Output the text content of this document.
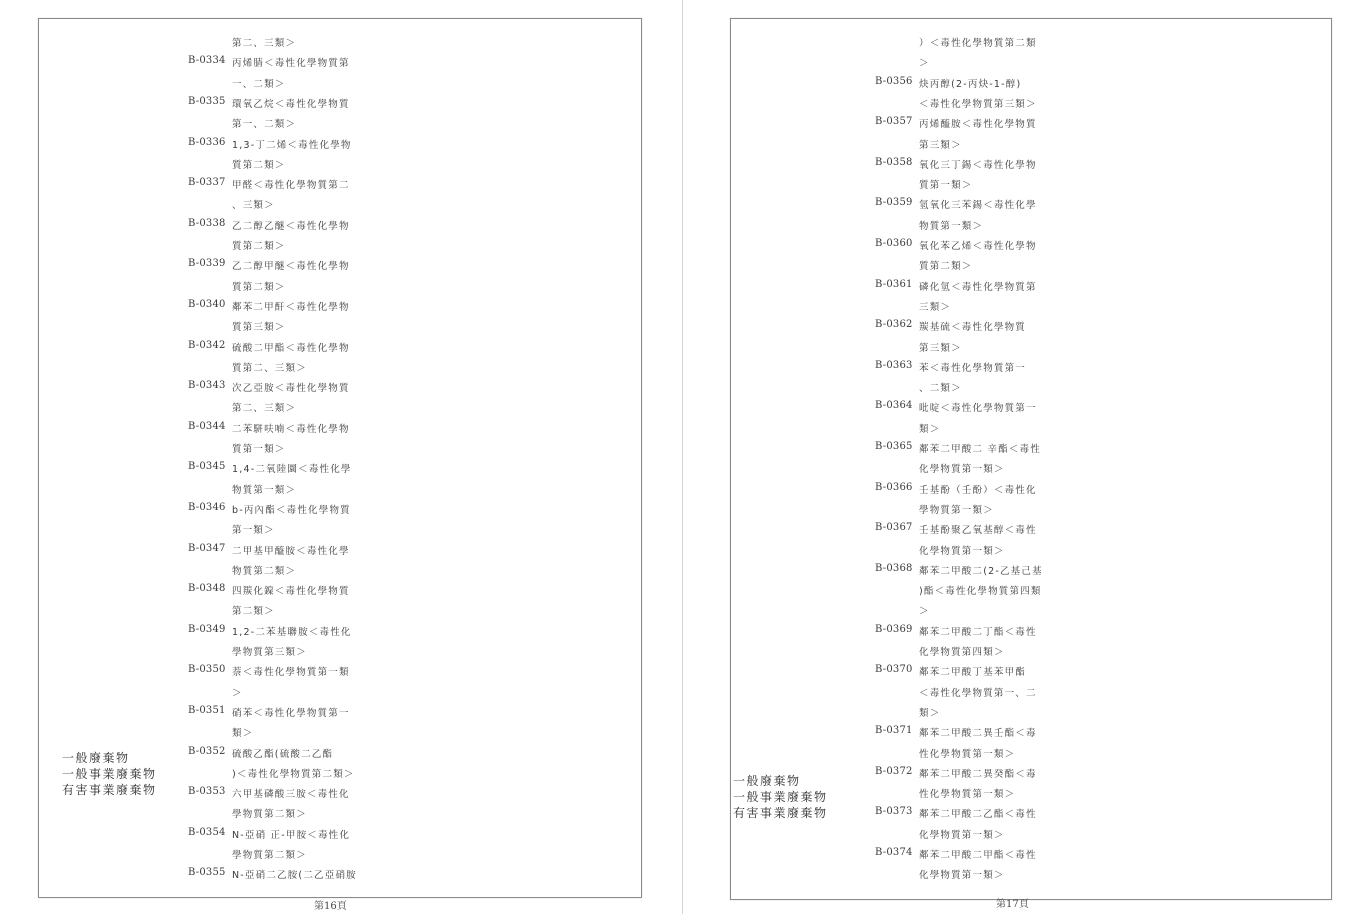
第二、三類＞
B-0334 丙烯腈＜毒性化學物質第
一、二類＞
B-0335 環氧乙烷＜毒性化學物質
第一、二類＞
B-0336 1,3-丁二烯＜毒性化學物
質第二類＞
B-0337 甲醛＜毒性化學物質第二
、三類＞
B-0338 乙二醇乙醚＜毒性化學物
質第二類＞
B-0339 乙二醇甲醚＜毒性化學物
質第二類＞
B-0340 鄰苯二甲酐＜毒性化學物
質第三類＞
B-0342 硫酸二甲酯＜毒性化學物
質第二、三類＞
B-0343 次乙亞胺＜毒性化學物質
第二、三類＞
B-0344 二苯駢呋喃＜毒性化學物
質第一類＞
B-0345 1,4-二氧陸圜＜毒性化學
物質第一類＞
B-0346 b-丙內酯＜毒性化學物質
第一類＞
B-0347 二甲基甲醯胺＜毒性化學
物質第二類＞
B-0348 四羰化鎳＜毒性化學物質
第二類＞
B-0349 1,2-二苯基聯胺＜毒性化
學物質第三類＞
B-0350 萘＜毒性化學物質第一類
＞
B-0351 硝苯＜毒性化學物質第一
類＞
B-0352 硫酸乙酯(硫酸二乙酯
)＜毒性化學物質第二類＞
B-0353 六甲基磷酸三胺＜毒性化
學物質第二類＞
B-0354 N-亞硝 正-甲胺＜毒性化
學物質第二類＞
B-0355 N-亞硝二乙胺(二乙亞硝胺
一般廢棄物
一般事業廢棄物
有害事業廢棄物
第16頁
）＜毒性化學物質第二類
＞
B-0356 炔丙醇(2-丙炔-1-醇)
＜毒性化學物質第三類＞
B-0357 丙烯醯胺＜毒性化學物質
第三類＞
B-0358 氧化三丁錫＜毒性化學物
質第一類＞
B-0359 氫氧化三苯錫＜毒性化學
物質第一類＞
B-0360 氧化苯乙烯＜毒性化學物
質第二類＞
B-0361 磷化氫＜毒性化學物質第
三類＞
B-0362 羰基硫＜毒性化學物質
第三類＞
B-0363 苯＜毒性化學物質第一
、二類＞
B-0364 吡啶＜毒性化學物質第一
類＞
B-0365 鄰苯二甲酸二 辛酯＜毒性
化學物質第一類＞
B-0366 壬基酚（壬酚）＜毒性化
學物質第一類＞
B-0367 壬基酚聚乙氧基醇＜毒性
化學物質第一類＞
B-0368 鄰苯二甲酸二(2-乙基己基
)酯＜毒性化學物質第四類
＞
B-0369 鄰苯二甲酸二丁酯＜毒性
化學物質第四類＞
B-0370 鄰苯二甲酸丁基苯甲酯
＜毒性化學物質第一、二
類＞
B-0371 鄰苯二甲酸二異壬酯＜毒
性化學物質第一類＞
B-0372 鄰苯二甲酸二異癸酯＜毒
性化學物質第一類＞
B-0373 鄰苯二甲酸二乙酯＜毒性
化學物質第一類＞
B-0374 鄰苯二甲酸二甲酯＜毒性
化學物質第一類＞
一般廢棄物
一般事業廢棄物
有害事業廢棄物
第17頁
